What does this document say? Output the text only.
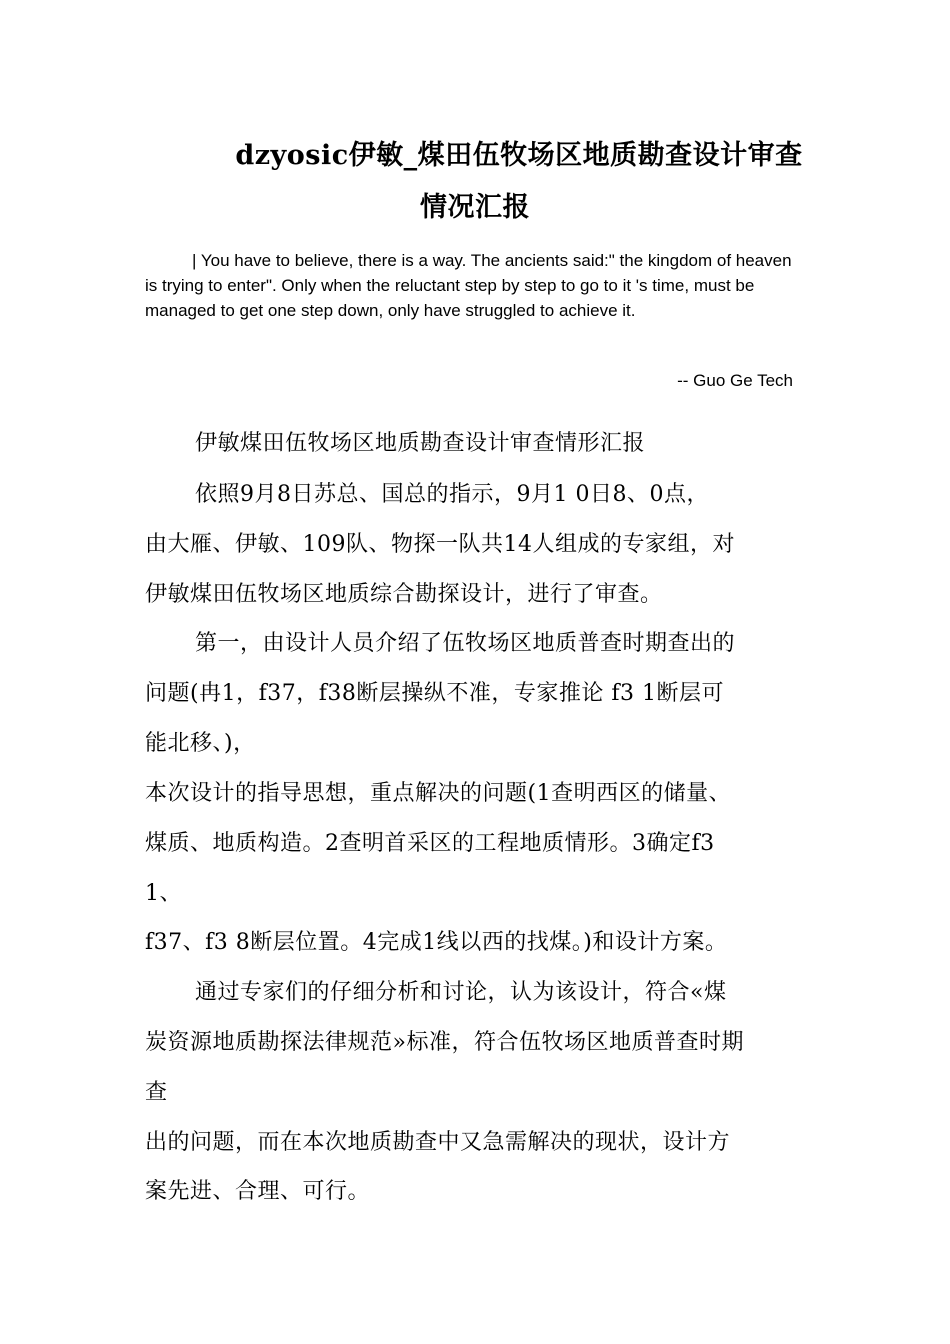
dzyosic伊敏_煤田伍牧场区地质勘查设计审查
情况汇报

| You have to believe, there is a way. The ancients said:" the kingdom of heaven is trying to enter". Only when the reluctant step by step to go to it 's time, must be managed to get one step down, only have struggled to achieve it.

-- Guo Ge Tech
伊敏煤田伍牧场区地质勘查设计审查情形汇报
依照9月8日苏总、国总的指示，9月1 0日8、0点，
由大雁、伊敏、109队、物探一队共14人组成的专家组，对
伊敏煤田伍牧场区地质综合勘探设计，进行了审查。
第一，由设计人员介绍了伍牧场区地质普查时期查出的
问题(冉1，f37，f38断层操纵不准，专家推论 f3 1断层可
能北移、)，
本次设计的指导思想，重点解决的问题(1查明西区的储量、
煤质、地质构造。2查明首采区的工程地质情形。3确定f3
1、
f37、f3 8断层位置。4完成1线以西的找煤。)和设计方案。
通过专家们的仔细分析和讨论，认为该设计，符合«煤
炭资源地质勘探法律规范»标准，符合伍牧场区地质普查时期
查
出的问题，而在本次地质勘查中又急需解决的现状，设计方
案先进、合理、可行。
